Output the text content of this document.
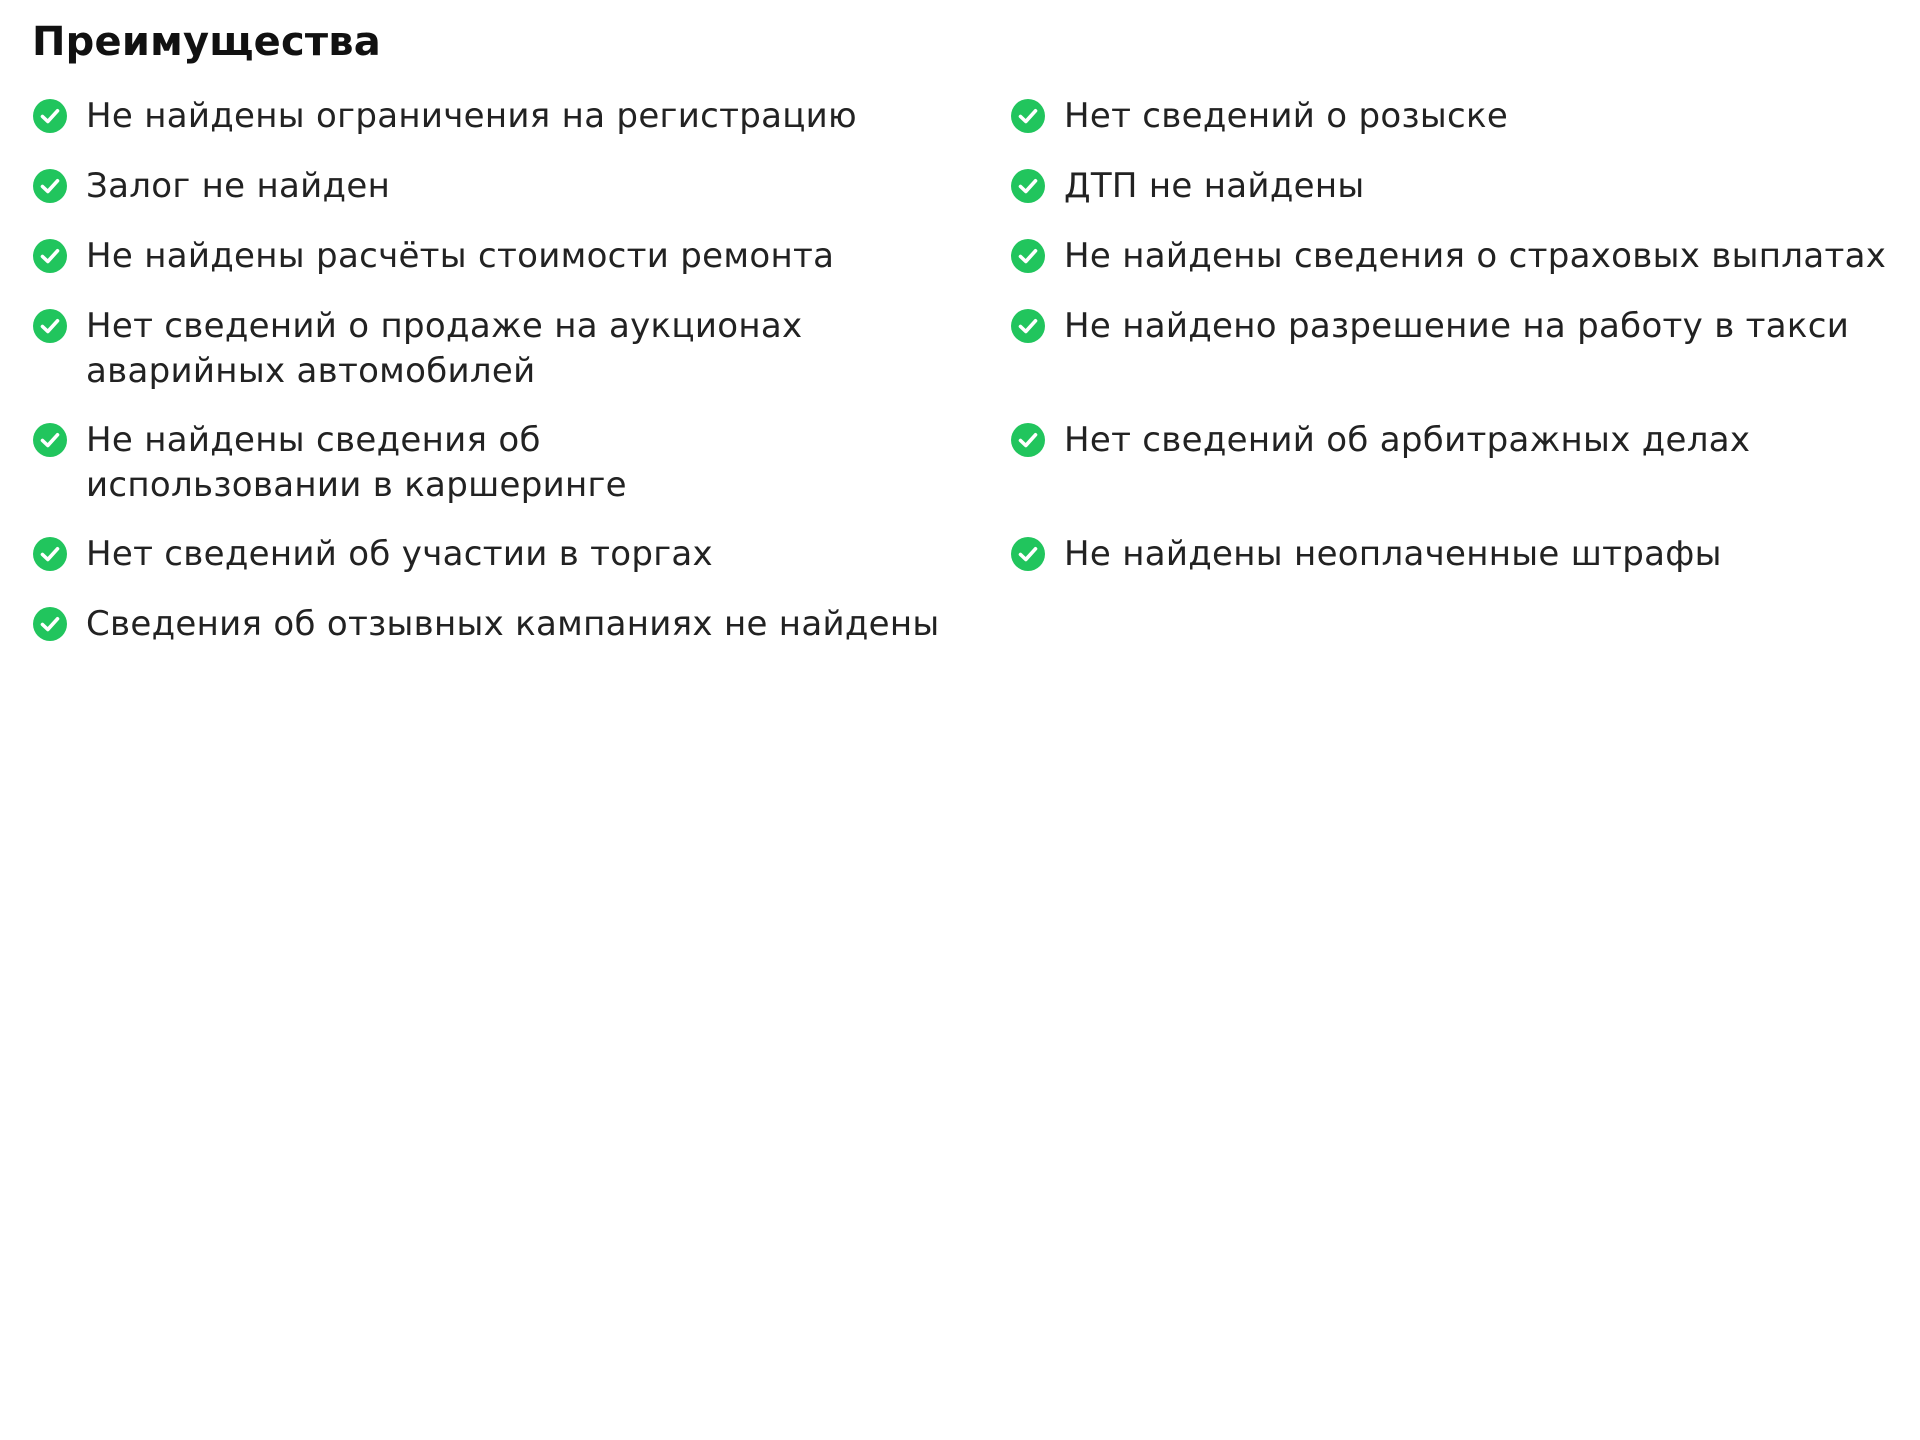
Преимущества
Не найдены ограничения на регистрацию	Нет сведений о розыске
Залог не найден	ДТП не найдены
Не найдены расчёты стоимости ремонта	Не найдены сведения о страховых выплатах
Нет сведений о продаже на аукционах аварийных автомобилей
Не найдено разрешение на работу в такси
Не найдены сведения об использовании в каршеринге
Нет сведений об арбитражных делах
Нет сведений об участии в торгах	Не найдены неоплаченные штрафы
Сведения об отзывных кампаниях не найдены
